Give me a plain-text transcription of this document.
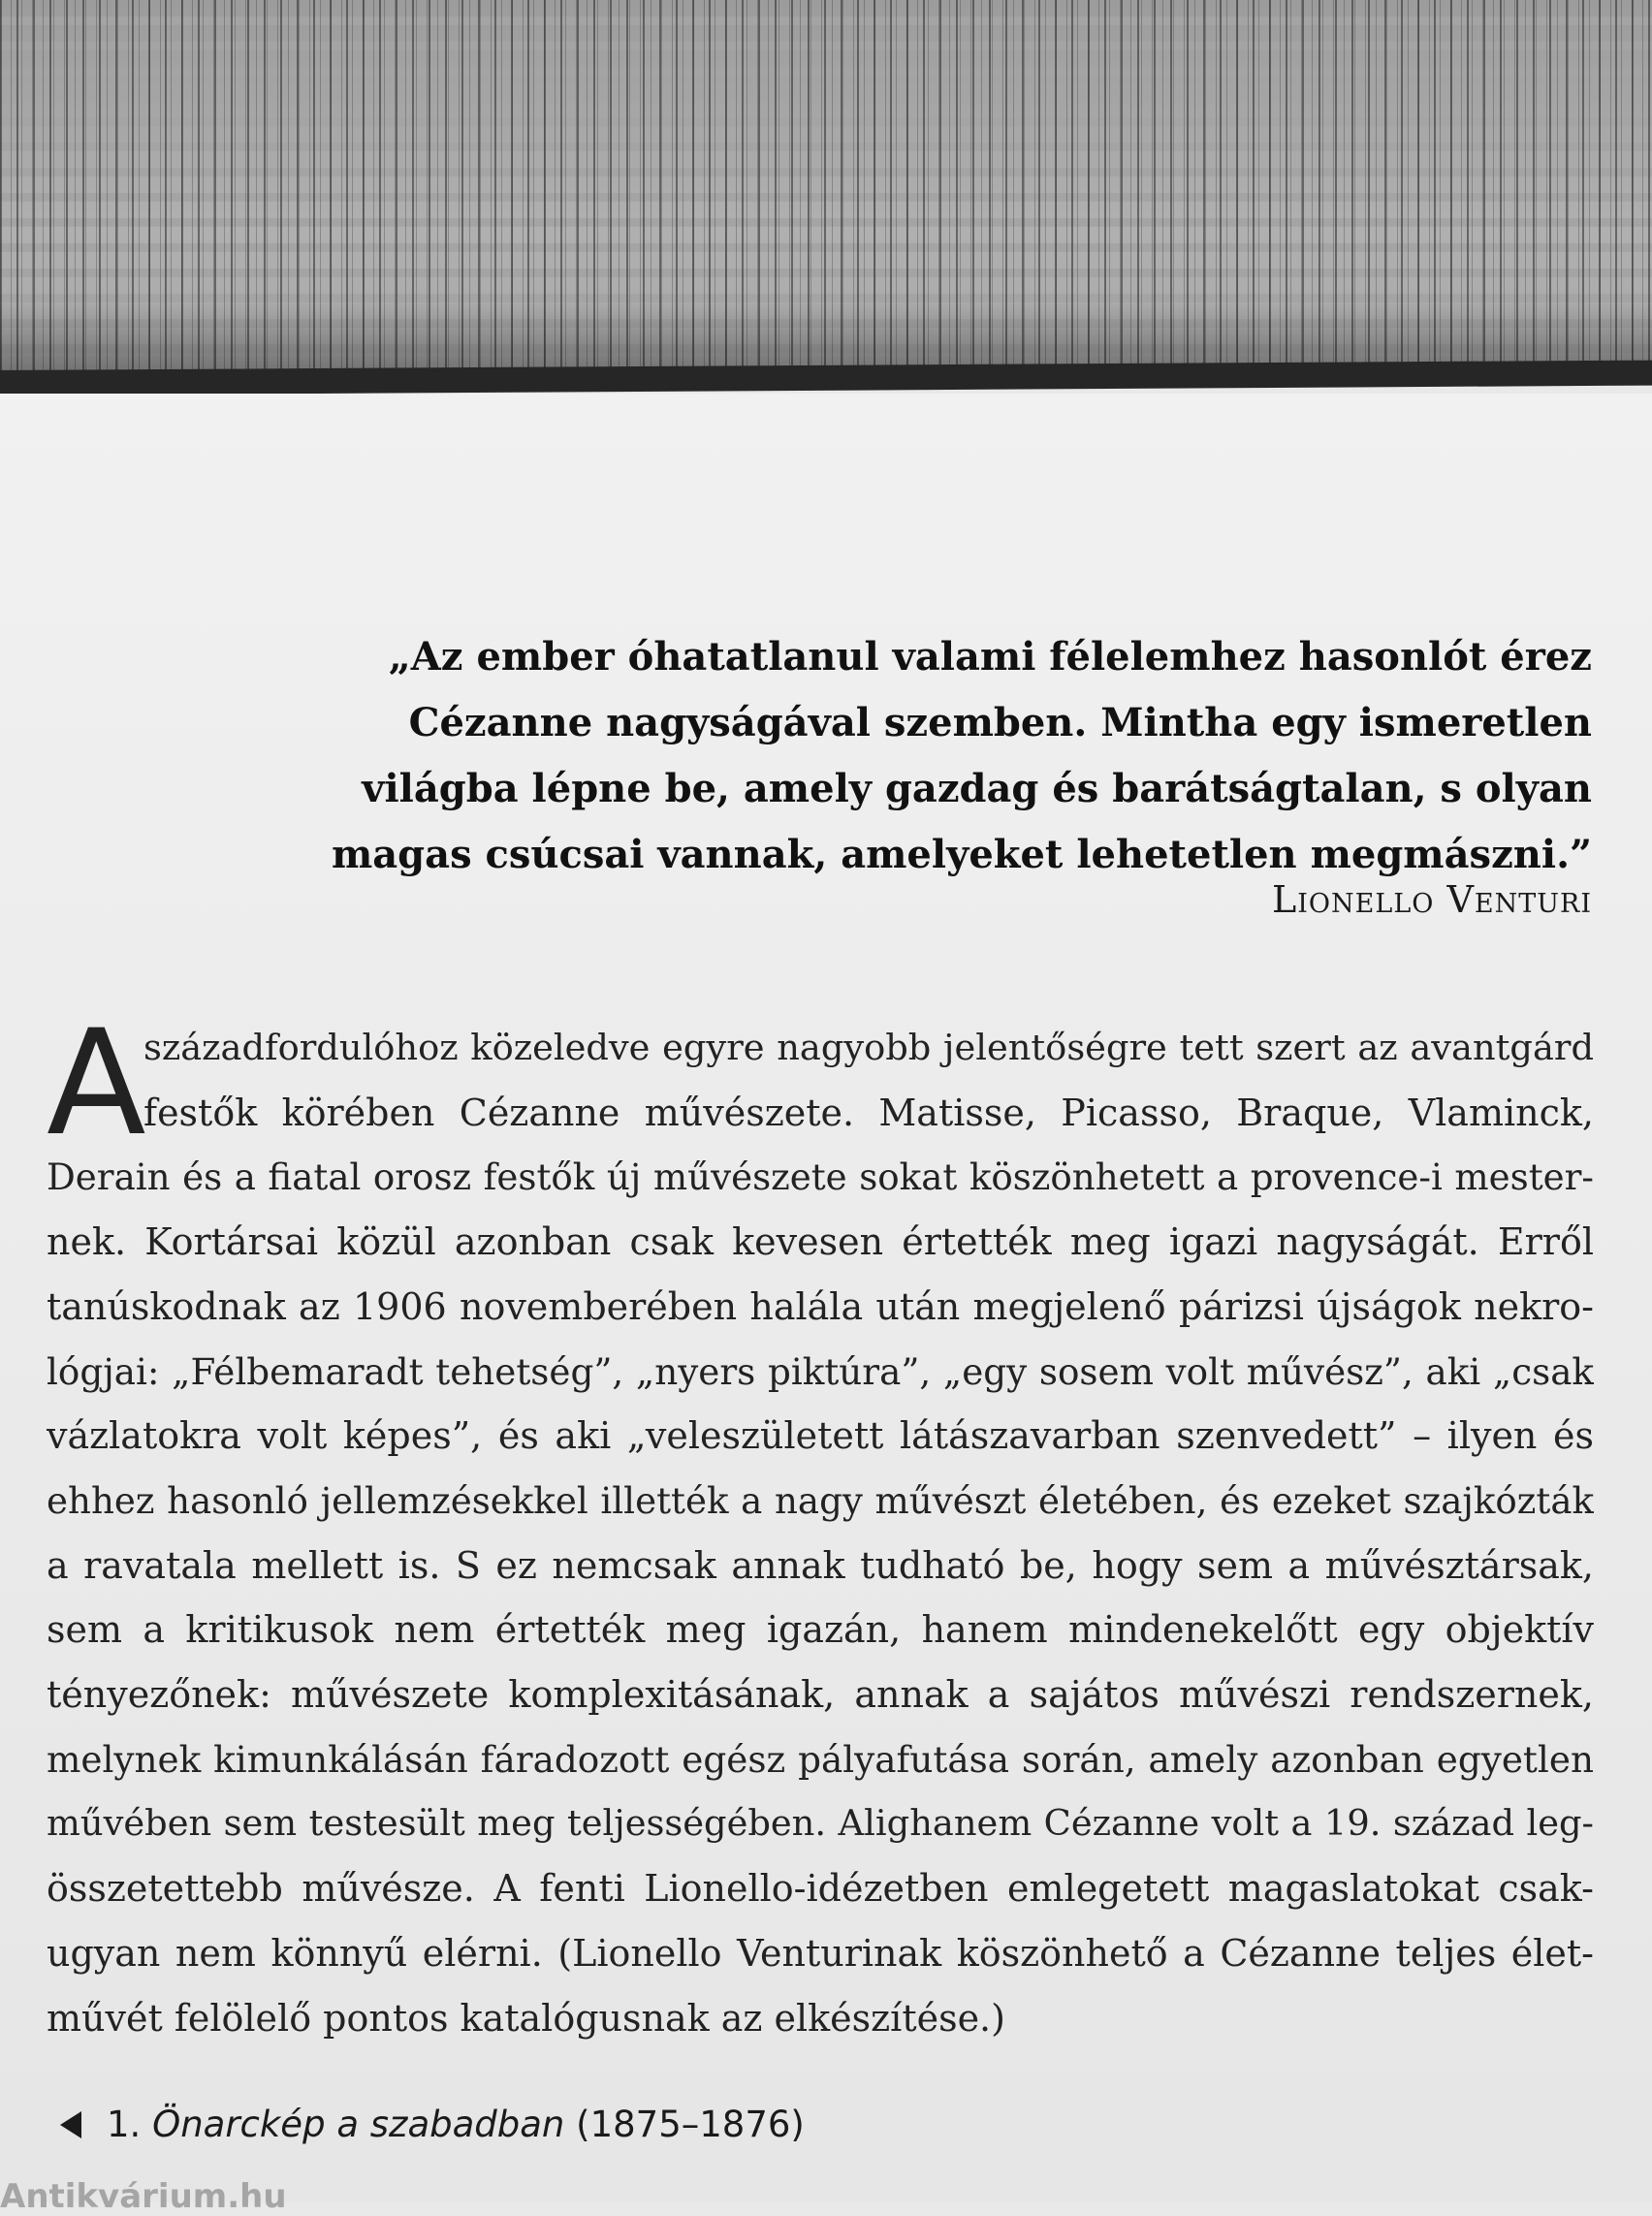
„Az ember óhatatlanul valami félelemhez hasonlót érez
Cézanne nagyságával szemben. Mintha egy ismeretlen
világba lépne be, amely gazdag és barátságtalan, s olyan
magas csúcsai vannak, amelyeket lehetetlen megmászni.”
Lionello Venturi
A
századfordulóhoz közeledve egyre nagyobb jelentőségre tett szert az avantgárd
festők körében Cézanne művészete. Matisse, Picasso, Braque, Vlaminck,
Derain és a fiatal orosz festők új művészete sokat köszönhetett a provence-i mester-
nek. Kortársai közül azonban csak kevesen értették meg igazi nagyságát. Erről
tanúskodnak az 1906 novemberében halála után megjelenő párizsi újságok nekro-
lógjai: „Félbemaradt tehetség”, „nyers piktúra”, „egy sosem volt művész”, aki „csak
vázlatokra volt képes”, és aki „veleszületett látászavarban szenvedett” – ilyen és
ehhez hasonló jellemzésekkel illették a nagy művészt életében, és ezeket szajkózták
a ravatala mellett is. S ez nemcsak annak tudható be, hogy sem a művésztársak,
sem a kritikusok nem értették meg igazán, hanem mindenekelőtt egy objektív
tényezőnek: művészete komplexitásának, annak a sajátos művészi rendszernek,
melynek kimunkálásán fáradozott egész pályafutása során, amely azonban egyetlen
művében sem testesült meg teljességében. Alighanem Cézanne volt a 19. század leg-
összetettebb művésze. A fenti Lionello-idézetben emlegetett magaslatokat csak-
ugyan nem könnyű elérni. (Lionello Venturinak köszönhető a Cézanne teljes élet-
művét felölelő pontos katalógusnak az elkészítése.)
1. Önarckép a szabadban (1875–1876)
Antikvárium.hu
